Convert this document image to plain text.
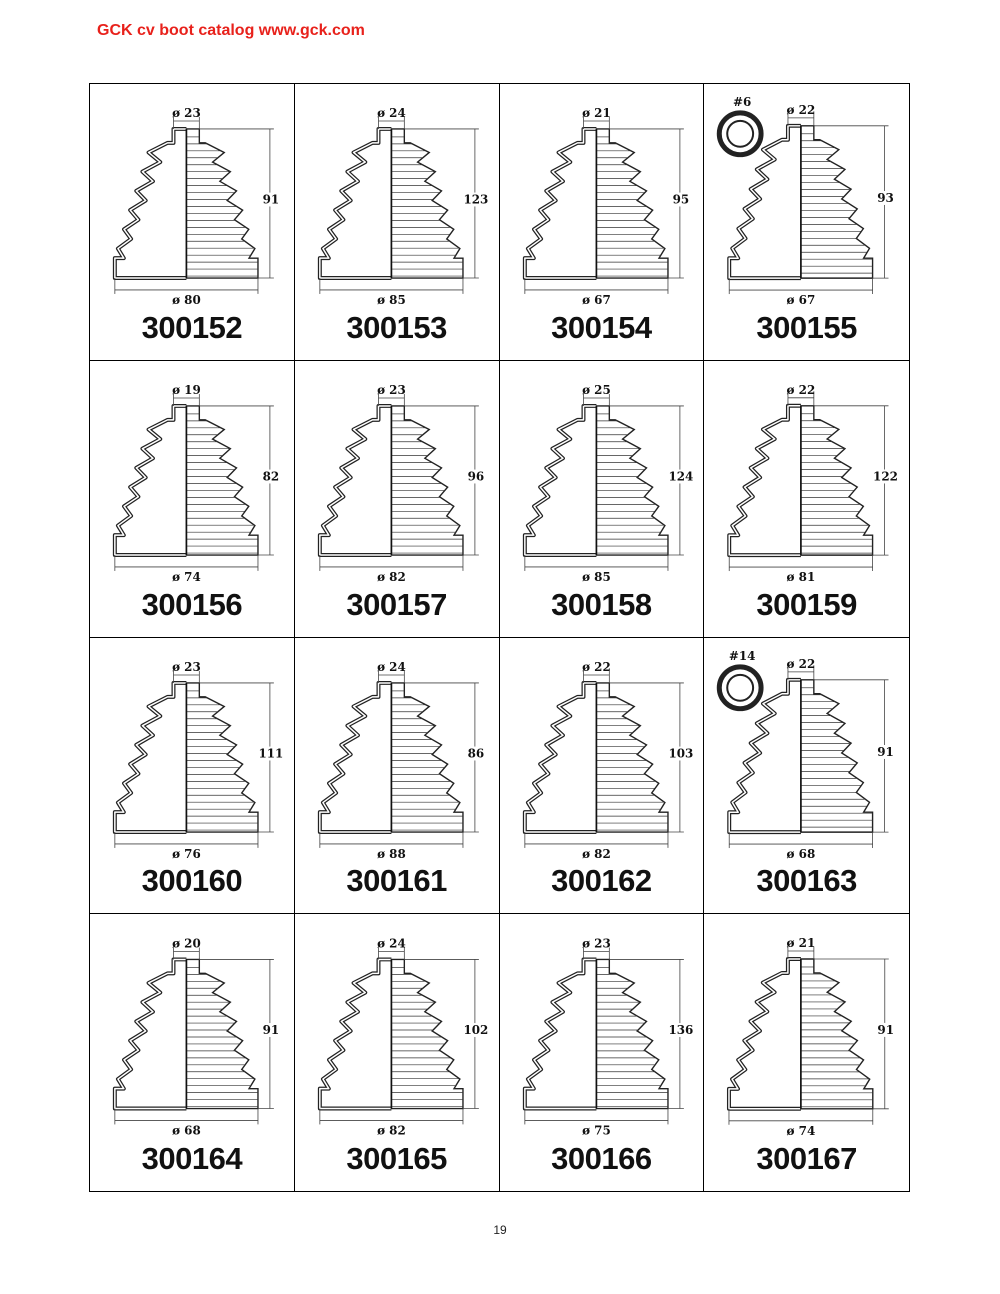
GCK cv boot catalog www.gck.com
ø 23
ø 80
91
300152
ø 24
ø 85
123
300153
ø 21
ø 67
95
300154
ø 22
ø 67
93
#6
300155
ø 19
ø 74
82
300156
ø 23
ø 82
96
300157
ø 25
ø 85
124
300158
ø 22
ø 81
122
300159
ø 23
ø 76
111
300160
ø 24
ø 88
86
300161
ø 22
ø 82
103
300162
ø 22
ø 68
91
#14
300163
ø 20
ø 68
91
300164
ø 24
ø 82
102
300165
ø 23
ø 75
136
300166
ø 21
ø 74
91
300167
19
